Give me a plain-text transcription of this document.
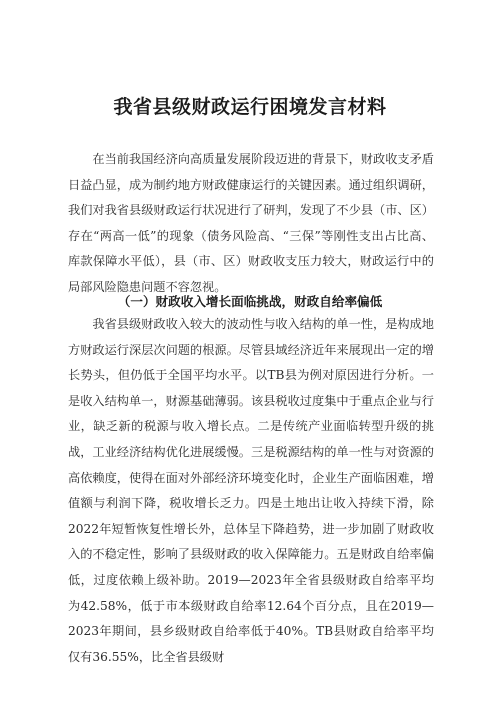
我省县级财政运行困境发言材料

在当前我国经济向高质量发展阶段迈进的背景下，财政收支矛盾日益凸显，成为制约地方财政健康运行的关键因素。通过组织调研，我们对我省县级财政运行状况进行了研判，发现了不少县（市、区）存在“两高一低”的现象（债务风险高、“三保”等刚性支出占比高、库款保障水平低），县（市、区）财政收支压力较大，财政运行中的局部风险隐患问题不容忽视。

（一）财政收入增长面临挑战，财政自给率偏低

我省县级财政收入较大的波动性与收入结构的单一性，是构成地方财政运行深层次问题的根源。尽管县域经济近年来展现出一定的增长势头，但仍低于全国平均水平。以TB县为例对原因进行分析。一是收入结构单一，财源基础薄弱。该县税收过度集中于重点企业与行业，缺乏新的税源与收入增长点。二是传统产业面临转型升级的挑战，工业经济结构优化进展缓慢。三是税源结构的单一性与对资源的高依赖度，使得在面对外部经济环境变化时，企业生产面临困难，增值额与利润下降，税收增长乏力。四是土地出让收入持续下滑，除2022年短暂恢复性增长外，总体呈下降趋势，进一步加剧了财政收入的不稳定性，影响了县级财政的收入保障能力。五是财政自给率偏低，过度依赖上级补助。2019—2023年全省县级财政自给率平均为42.58%，低于市本级财政自给率12.64个百分点，且在2019—2023年期间，县乡级财政自给率低于40%。TB县财政自给率平均仅有36.55%，比全省县级财
